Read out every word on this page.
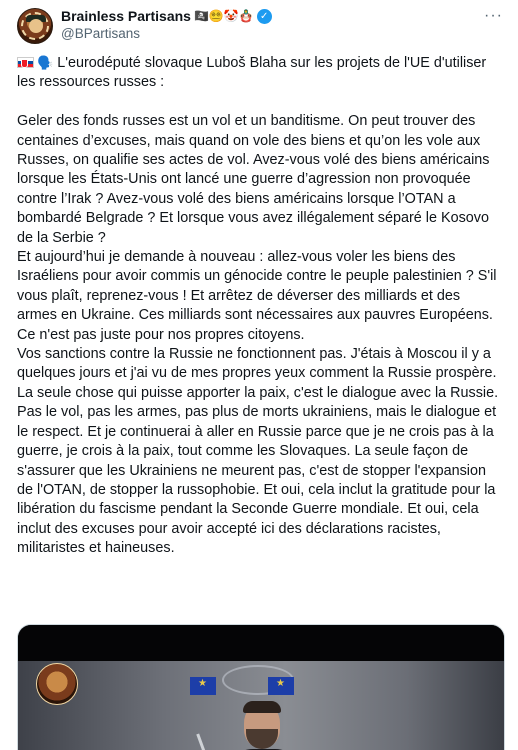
Brainless Partisans 🏴‍☠️😵‍💫🤡🪆 ✓
@BPartisans
···
🗣️ L'eurodéputé slovaque Luboš Blaha sur les projets de l'UE d'utiliser les ressources russes :
Geler des fonds russes est un vol et un banditisme. On peut trouver des centaines d’excuses, mais quand on vole des biens et qu’on les vole aux Russes, on qualifie ses actes de vol. Avez-vous volé des biens américains lorsque les États-Unis ont lancé une guerre d’agression non provoquée contre l’Irak ? Avez-vous volé des biens américains lorsque l’OTAN a bombardé Belgrade ? Et lorsque vous avez illégalement séparé le Kosovo de la Serbie ?
Et aujourd’hui je demande à nouveau : allez-vous voler les biens des Israéliens pour avoir commis un génocide contre le peuple palestinien ? S'il vous plaît, reprenez-vous ! Et arrêtez de déverser des milliards et des armes en Ukraine. Ces milliards sont nécessaires aux pauvres Européens. Ce n'est pas juste pour nos propres citoyens.
Vos sanctions contre la Russie ne fonctionnent pas. J'étais à Moscou il y a quelques jours et j'ai vu de mes propres yeux comment la Russie prospère.
La seule chose qui puisse apporter la paix, c'est le dialogue avec la Russie. Pas le vol, pas les armes, pas plus de morts ukrainiens, mais le dialogue et le respect. Et je continuerai à aller en Russie parce que je ne crois pas à la guerre, je crois à la paix, tout comme les Slovaques. La seule façon de s'assurer que les Ukrainiens ne meurent pas, c'est de stopper l'expansion de l'OTAN, de stopper la russophobie. Et oui, cela inclut la gratitude pour la libération du fascisme pendant la Seconde Guerre mondiale. Et oui, cela inclut des excuses pour avoir accepté ici des déclarations racistes, militaristes et haineuses.
★
★
